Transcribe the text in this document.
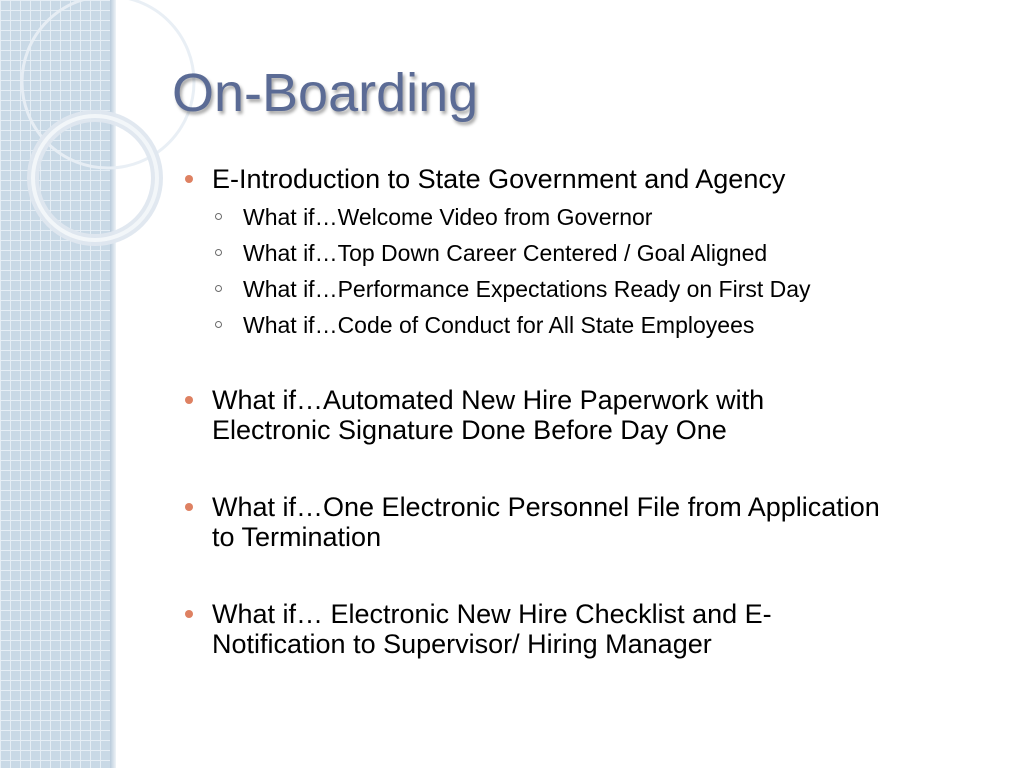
On-Boarding
E-Introduction to State Government and Agency
What if…Welcome Video from Governor
What if…Top Down Career Centered / Goal Aligned
What if…Performance Expectations Ready on First Day
What if…Code of Conduct for All State Employees
What if…Automated New Hire Paperwork with
Electronic Signature Done Before Day One
What if…One Electronic Personnel File from Application
to Termination
What if… Electronic New Hire Checklist and E-
Notification to Supervisor/ Hiring Manager
